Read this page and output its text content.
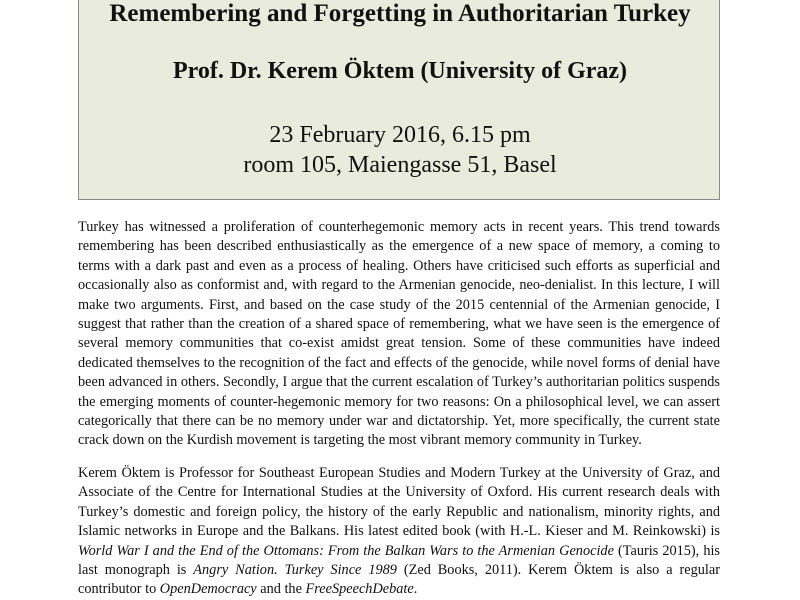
Remembering and Forgetting in Authoritarian Turkey
Prof. Dr. Kerem Öktem (University of Graz)
23 February 2016, 6.15 pm
room 105, Maiengasse 51, Basel

Turkey has witnessed a proliferation of counterhegemonic memory acts in recent years. This trend towards remembering has been described enthusiastically as the emergence of a new space of memory, a coming to terms with a dark past and even as a process of healing. Others have criticised such efforts as superficial and occasionally also as conformist and, with regard to the Armenian genocide, neo-denialist. In this lecture, I will make two arguments. First, and based on the case study of the 2015 centennial of the Armenian genocide, I suggest that rather than the creation of a shared space of remembering, what we have seen is the emergence of several memory communities that co-exist amidst great tension. Some of these communities have indeed dedicated themselves to the recognition of the fact and effects of the genocide, while novel forms of denial have been advanced in others. Secondly, I argue that the current escalation of Turkey’s authoritarian politics suspends the emerging moments of counter-hegemonic memory for two reasons: On a philosophical level, we can assert categorically that there can be no memory under war and dictatorship. Yet, more specifically, the current state crack down on the Kurdish movement is targeting the most vibrant memory community in Turkey.

Kerem Öktem is Professor for Southeast European Studies and Modern Turkey at the University of Graz, and Associate of the Centre for International Studies at the University of Oxford. His current research deals with Turkey’s domestic and foreign policy, the history of the early Republic and nationalism, minority rights, and Islamic networks in Europe and the Balkans. His latest edited book (with H.-L. Kieser and M. Reinkowski) is World War I and the End of the Ottomans: From the Balkan Wars to the Armenian Genocide (Tauris 2015), his last monograph is Angry Nation. Turkey Since 1989 (Zed Books, 2011). Kerem Öktem is also a regular contributor to OpenDemocracy and the FreeSpeechDebate.
